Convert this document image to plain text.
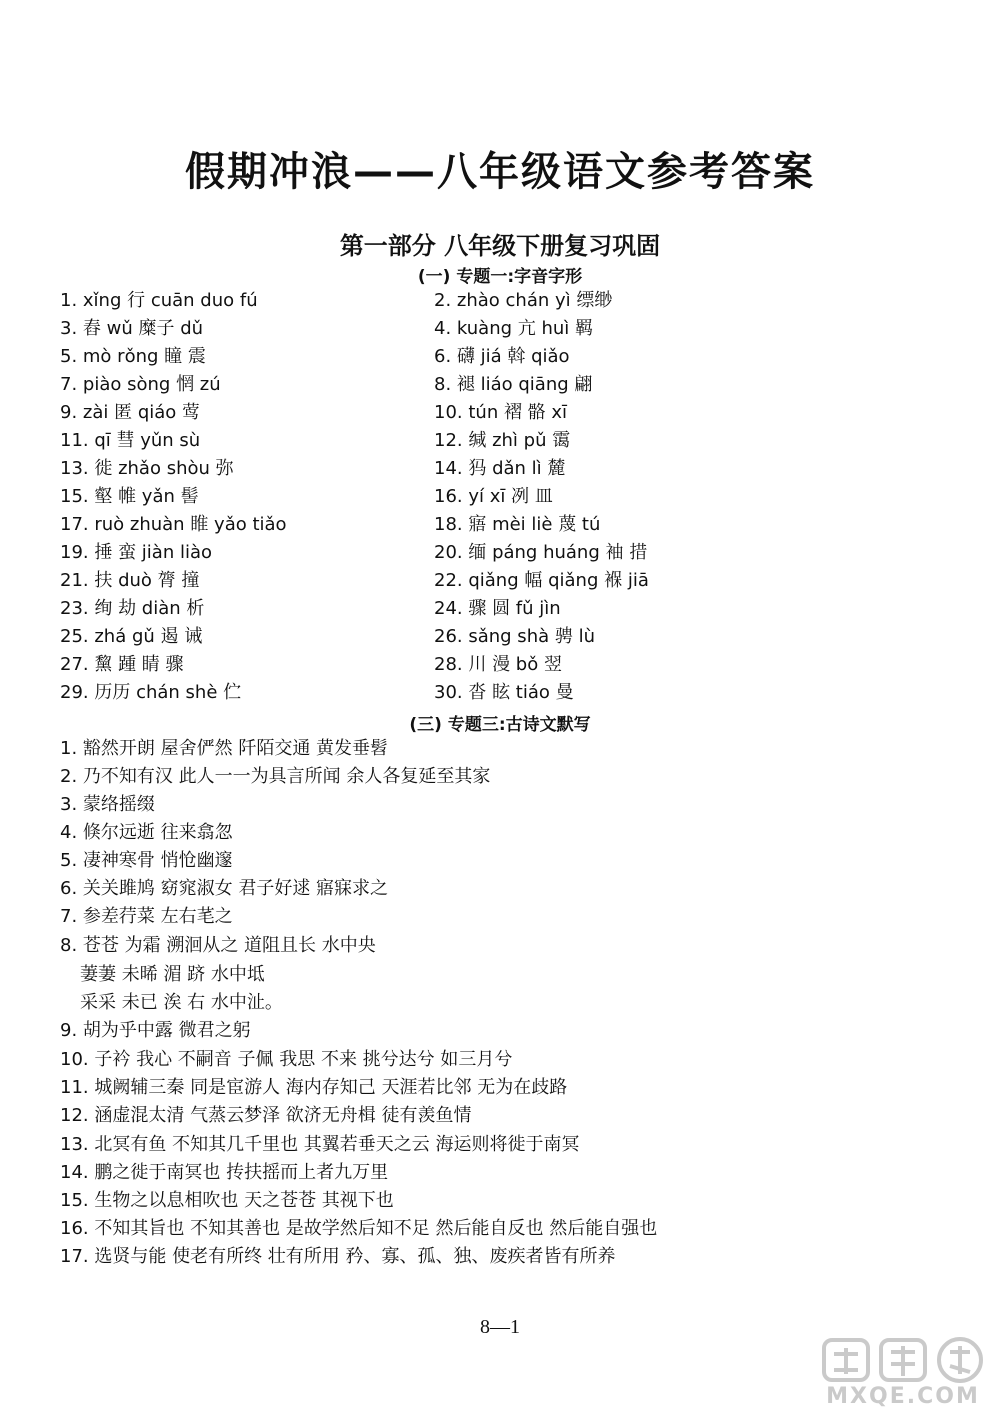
假期冲浪——八年级语文参考答案
第一部分 八年级下册复习巩固
(一) 专题一:字音字形
1. xǐng 行 cuān duo fú
3. 舂 wǔ 糜子 dǔ
5. mò rǒng 瞳 震
7. piào sòng 惘 zú
9. zài 匿 qiáo 莺
11. qī 彗 yǔn sù
13. 徙 zhǎo shòu 弥
15. 壑 帷 yǎn 髻
17. ruò zhuàn 睢 yǎo tiǎo
19. 捶 蛮 jiàn liào
21. 扶 duò 膂 撞
23. 绚 劫 diàn 析
25. zhá gǔ 遏 诫
27. 黧 踵 睛 骤
29. 历历 chán shè 伫
2. zhào chán yì 缥缈
4. kuàng 亢 huì 羁
6. 礴 jiá 斡 qiǎo
8. 褪 liáo qiāng 翩
10. tún 褶 骼 xī
12. 缄 zhì pǔ 霭
14. 犸 dǎn lì 麓
16. yí xī 冽 皿
18. 寤 mèi liè 蔑 tú
20. 缅 páng huáng 袖 措
22. qiǎng 幅 qiǎng 褓 jiā
24. 骤 圆 fǔ jìn
26. sǎng shà 骋 lù
28. 川 漫 bǒ 翌
30. 沓 眩 tiáo 曼
(三) 专题三:古诗文默写
1. 豁然开朗 屋舍俨然 阡陌交通 黄发垂髫
2. 乃不知有汉 此人一一为具言所闻 余人各复延至其家
3. 蒙络摇缀
4. 倏尔远逝 往来翕忽
5. 凄神寒骨 悄怆幽邃
6. 关关雎鸠 窈窕淑女 君子好逑 寤寐求之
7. 参差荇菜 左右芼之
8. 苍苍 为霜 溯洄从之 道阻且长 水中央
萋萋 未晞 湄 跻 水中坻
采采 未已 涘 右 水中沚。
9. 胡为乎中露 微君之躬
10. 子衿 我心 不嗣音 子佩 我思 不来 挑兮达兮 如三月兮
11. 城阙辅三秦 同是宦游人 海内存知己 天涯若比邻 无为在歧路
12. 涵虚混太清 气蒸云梦泽 欲济无舟楫 徒有羡鱼情
13. 北冥有鱼 不知其几千里也 其翼若垂天之云 海运则将徙于南冥
14. 鹏之徙于南冥也 抟扶摇而上者九万里
15. 生物之以息相吹也 天之苍苍 其视下也
16. 不知其旨也 不知其善也 是故学然后知不足 然后能自反也 然后能自强也
17. 选贤与能 使老有所终 壮有所用 矜、寡、孤、独、废疾者皆有所养
8—1
MXQE.COM
